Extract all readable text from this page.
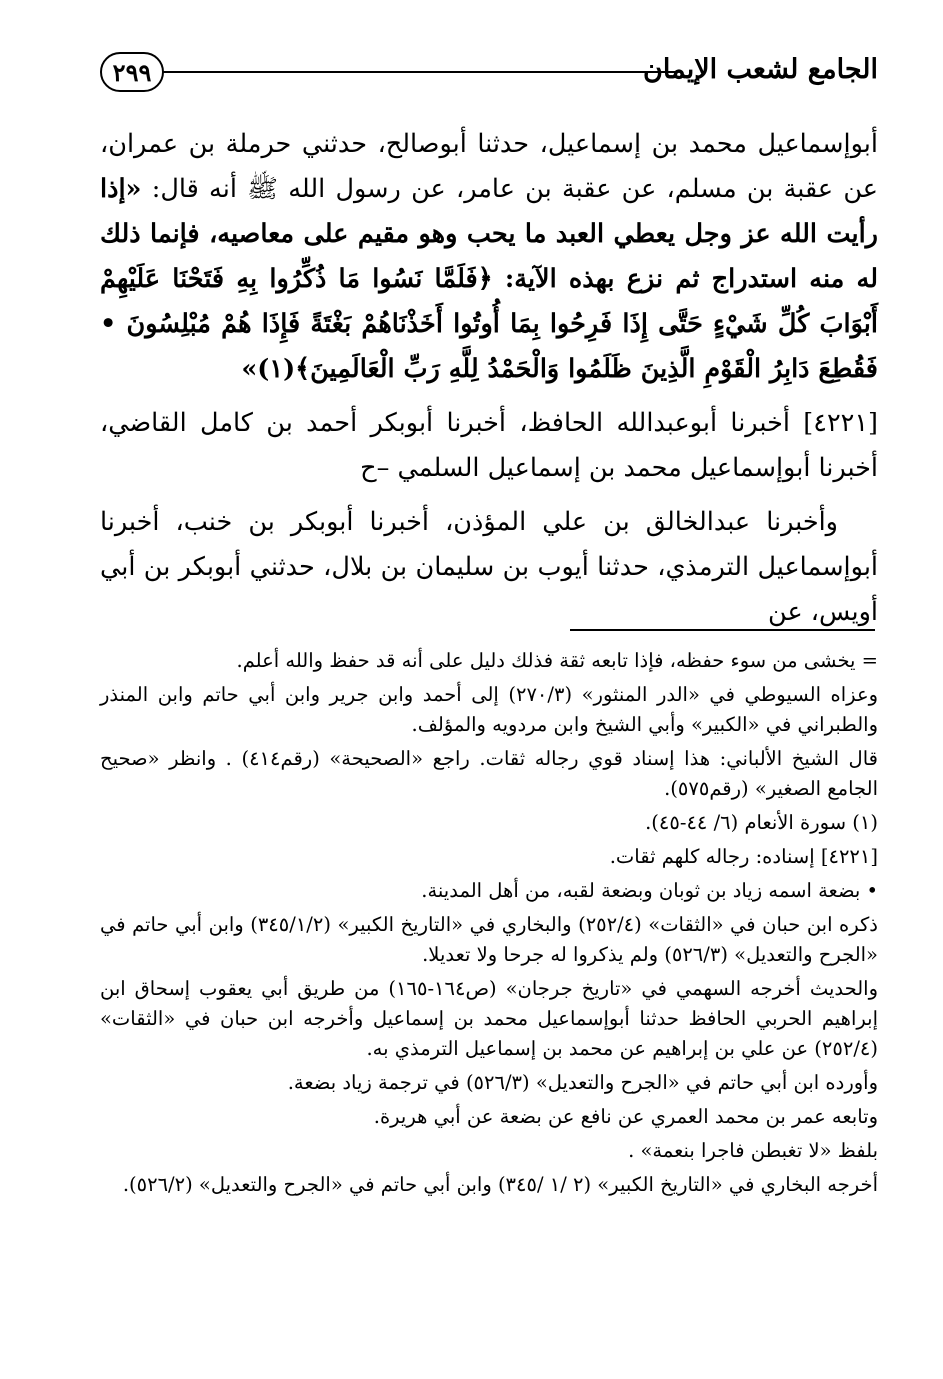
٢٩٩	الجامع لشعب الإيمان

أبوإسماعيل محمد بن إسماعيل، حدثنا أبوصالح، حدثني حرملة بن عمران، عن عقبة بن مسلم، عن عقبة بن عامر، عن رسول الله ﷺ أنه قال: «إذا رأيت الله عز وجل يعطي العبد ما يحب وهو مقيم على معاصيه، فإنما ذلك له منه استدراج ثم نزع بهذه الآية: ﴿فَلَمَّا نَسُوا مَا ذُكِّرُوا بِهِ فَتَحْنَا عَلَيْهِمْ أَبْوَابَ كُلِّ شَيْءٍ حَتَّى إِذَا فَرِحُوا بِمَا أُوتُوا أَخَذْنَاهُمْ بَغْتَةً فَإِذَا هُمْ مُبْلِسُونَ • فَقُطِعَ دَابِرُ الْقَوْمِ الَّذِينَ ظَلَمُوا وَالْحَمْدُ لِلَّهِ رَبِّ الْعَالَمِينَ﴾(١)»

[٤٢٢١] أخبرنا أبوعبدالله الحافظ، أخبرنا أبوبكر أحمد بن كامل القاضي، أخبرنا أبوإسماعيل محمد بن إسماعيل السلمي –ح

وأخبرنا عبدالخالق بن علي المؤذن، أخبرنا أبوبكر بن خنب، أخبرنا أبوإسماعيل الترمذي، حدثنا أيوب بن سليمان بن بلال، حدثني أبوبكر بن أبي أويس، عن

= يخشى من سوء حفظه، فإذا تابعه ثقة فذلك دليل على أنه قد حفظ والله أعلم.

وعزاه السيوطي في «الدر المنثور» (٢٧٠/٣) إلى أحمد وابن جرير وابن أبي حاتم وابن المنذر والطبراني في «الكبير» وأبي الشيخ وابن مردويه والمؤلف.

قال الشيخ الألباني: هذا إسناد قوي رجاله ثقات. راجع «الصحيحة» (رقم٤١٤) . وانظر «صحيح الجامع الصغير» (رقم٥٧٥).

(١) سورة الأنعام (٦/ ٤٤-٤٥).

[٤٢٢١] إسناده: رجاله كلهم ثقات.

• بضعة اسمه زياد بن ثوبان وبضعة لقبه، من أهل المدينة.

ذكره ابن حبان في «الثقات» (٢٥٢/٤) والبخاري في «التاريخ الكبير» (٣٤٥/١/٢) وابن أبي حاتم في «الجرح والتعديل» (٥٢٦/٣) ولم يذكروا له جرحا ولا تعديلا.

والحديث أخرجه السهمي في «تاريخ جرجان» (ص١٦٤-١٦٥) من طريق أبي يعقوب إسحاق ابن إبراهيم الحربي الحافظ حدثنا أبوإسماعيل محمد بن إسماعيل وأخرجه ابن حبان في «الثقات» (٢٥٢/٤) عن علي بن إبراهيم عن محمد بن إسماعيل الترمذي به.

وأورده ابن أبي حاتم في «الجرح والتعديل» (٥٢٦/٣) في ترجمة زياد بضعة.

وتابعه عمر بن محمد العمري عن نافع عن بضعة عن أبي هريرة.

بلفظ «لا تغبطن فاجرا بنعمة» .

أخرجه البخاري في «التاريخ الكبير» (٢ /١ /٣٤٥) وابن أبي حاتم في «الجرح والتعديل» (٥٢٦/٢).
